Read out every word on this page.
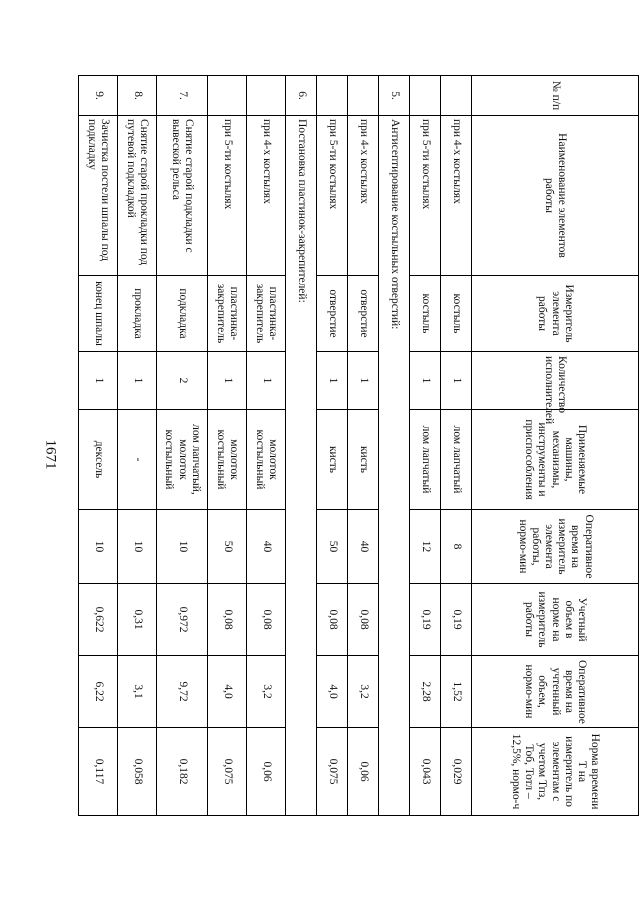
1671
№ п/п	Наименование элементов работы	Измеритель элемента работы	Количество исполнителей	Применяемые машины, механизмы, инструменты и приспособления	Оперативное время на измеритель элемента работы, нормо-мин	Учетный объем в норме на измеритель работы	Оперативное время на учтенный объем, нормо-мин	Норма времени Т на измеритель по элементам с учетом Тпз, Тоб, Тотл – 12,5%, нормо-ч
	при 4-х костылях	костыль	1	лом лапчатый	8	0,19	1,52	0,029
	при 5-ти костылях	костыль	1	лом лапчатый	12	0,19	2,28	0,043
5.	Антисептирование костыльных отверстий:							
	при 4-х костылях	отверстие	1	кисть	40	0,08	3,2	0,06
	при 5-ти костылях	отверстие	1	кисть	50	0,08	4,0	0,075
6.	Постановка пластинок-закрепителей:							
	при 4-х костылях	пластинка-закрепитель	1	молоток костыльный	40	0,08	3,2	0,06
	при 5-ти костылях	пластинка-закрепитель	1	молоток костыльный	50	0,08	4,0	0,075
7.	Снятие старой подкладки с вывеской рельса	подкладка	2	лом лапчатый, молоток костыльный	10	0,972	9,72	0,182
8.	Снятие старой прокладки под путевой подкладкой	прокладка	1	-	10	0,31	3,1	0,058
9.	Зачистка постели шпалы под подкладку	конец шпалы	1	дексель	10	0,622	6,22	0,117
